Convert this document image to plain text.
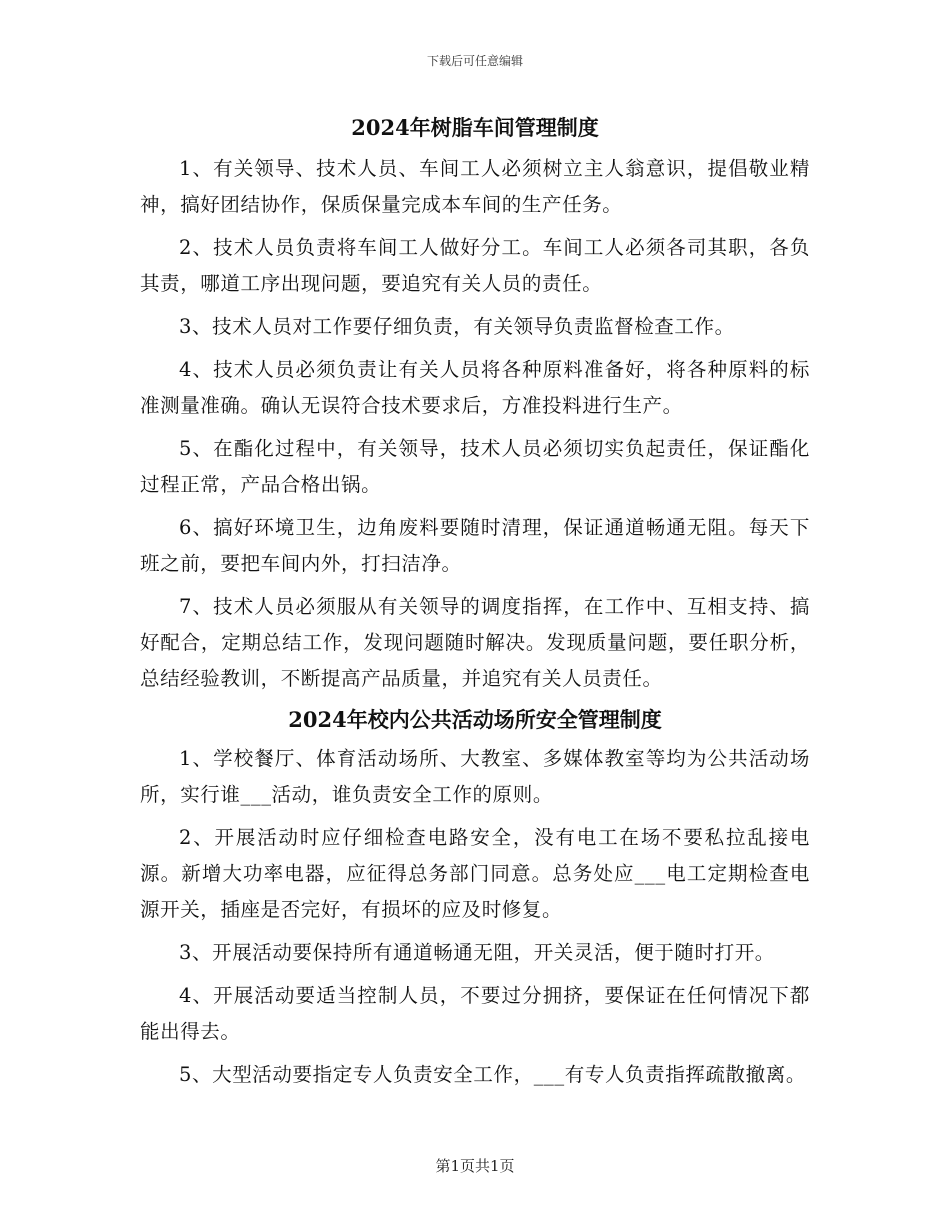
下载后可任意编辑
2024年树脂车间管理制度

1、有关领导、技术人员、车间工人必须树立主人翁意识，提倡敬业精神，搞好团结协作，保质保量完成本车间的生产任务。

2、技术人员负责将车间工人做好分工。车间工人必须各司其职，各负其责，哪道工序出现问题，要追究有关人员的责任。

3、技术人员对工作要仔细负责，有关领导负责监督检查工作。

4、技术人员必须负责让有关人员将各种原料准备好，将各种原料的标准测量准确。确认无误符合技术要求后，方准投料进行生产。

5、在酯化过程中，有关领导，技术人员必须切实负起责任，保证酯化过程正常，产品合格出锅。

6、搞好环境卫生，边角废料要随时清理，保证通道畅通无阻。每天下班之前，要把车间内外，打扫洁净。

7、技术人员必须服从有关领导的调度指挥，在工作中、互相支持、搞好配合，定期总结工作，发现问题随时解决。发现质量问题，要任职分析，总结经验教训，不断提高产品质量，并追究有关人员责任。

2024年校内公共活动场所安全管理制度

1、学校餐厅、体育活动场所、大教室、多媒体教室等均为公共活动场所，实行谁___活动，谁负责安全工作的原则。

2、开展活动时应仔细检查电路安全，没有电工在场不要私拉乱接电源。新增大功率电器，应征得总务部门同意。总务处应___电工定期检查电源开关，插座是否完好，有损坏的应及时修复。

3、开展活动要保持所有通道畅通无阻，开关灵活，便于随时打开。

4、开展活动要适当控制人员，不要过分拥挤，要保证在任何情况下都能出得去。

5、大型活动要指定专人负责安全工作，___有专人负责指挥疏散撤离。

第1页共1页
